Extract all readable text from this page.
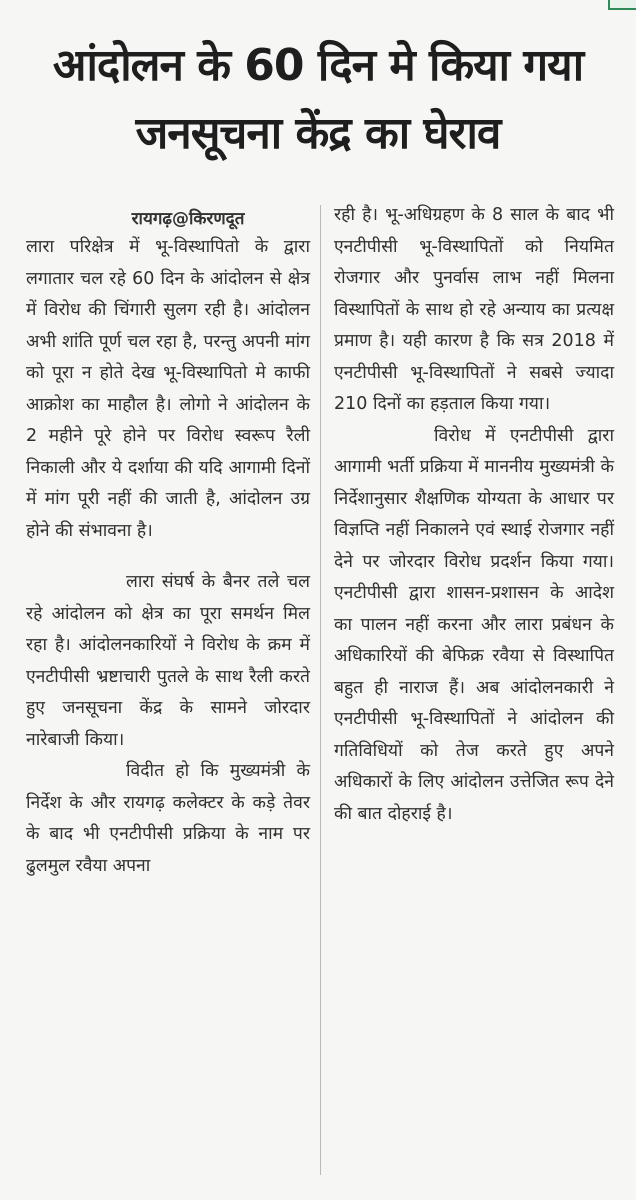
आंदोलन के 60 दिन मे किया गया
जनसूचना केंद्र का घेराव
रायगढ़@किरणदूत

लारा परिक्षेत्र में भू-विस्थापितो के द्वारा लगातार चल रहे 60 दिन के आंदोलन से क्षेत्र में विरोध की चिंगारी सुलग रही है। आंदोलन अभी शांति पूर्ण चल रहा है, परन्तु अपनी मांग को पूरा न होते देख भू-विस्थापितो मे काफी आक्रोश का माहौल है। लोगो ने आंदोलन के 2 महीने पूरे होने पर विरोध स्वरूप रैली निकाली और ये दर्शाया की यदि आगामी दिनों में मांग पूरी नहीं की जाती है, आंदोलन उग्र होने की संभावना है।

लारा संघर्ष के बैनर तले चल रहे आंदोलन को क्षेत्र का पूरा समर्थन मिल रहा है। आंदोलनकारियों ने विरोध के क्रम में एनटीपीसी भ्रष्टाचारी पुतले के साथ रैली करते हुए जनसूचना केंद्र के सामने जोरदार नारेबाजी किया।

विदीत हो कि मुख्यमंत्री के निर्देश के और रायगढ़ कलेक्टर के कड़े तेवर के बाद भी एनटीपीसी प्रक्रिया के नाम पर ढुलमुल रवैया अपना

रही है। भू-अधिग्रहण के 8 साल के बाद भी एनटीपीसी भू-विस्थापितों को नियमित रोजगार और पुनर्वास लाभ नहीं मिलना विस्थापितों के साथ हो रहे अन्याय का प्रत्यक्ष प्रमाण है। यही कारण है कि सत्र 2018 में एनटीपीसी भू-विस्थापितों ने सबसे ज्यादा 210 दिनों का हड़ताल किया गया।

विरोध में एनटीपीसी द्वारा आगामी भर्ती प्रक्रिया में माननीय मुख्यमंत्री के निर्देशानुसार शैक्षणिक योग्यता के आधार पर विज्ञप्ति नहीं निकालने एवं स्थाई रोजगार नहीं देने पर जोरदार विरोध प्रदर्शन किया गया। एनटीपीसी द्वारा शासन-प्रशासन के आदेश का पालन नहीं करना और लारा प्रबंधन के अधिकारियों की बेफिक्र रवैया से विस्थापित बहुत ही नाराज हैं। अब आंदोलनकारी ने एनटीपीसी भू-विस्थापितों ने आंदोलन की गतिविधियों को तेज करते हुए अपने अधिकारों के लिए आंदोलन उत्तेजित रूप देने की बात दोहराई है।
